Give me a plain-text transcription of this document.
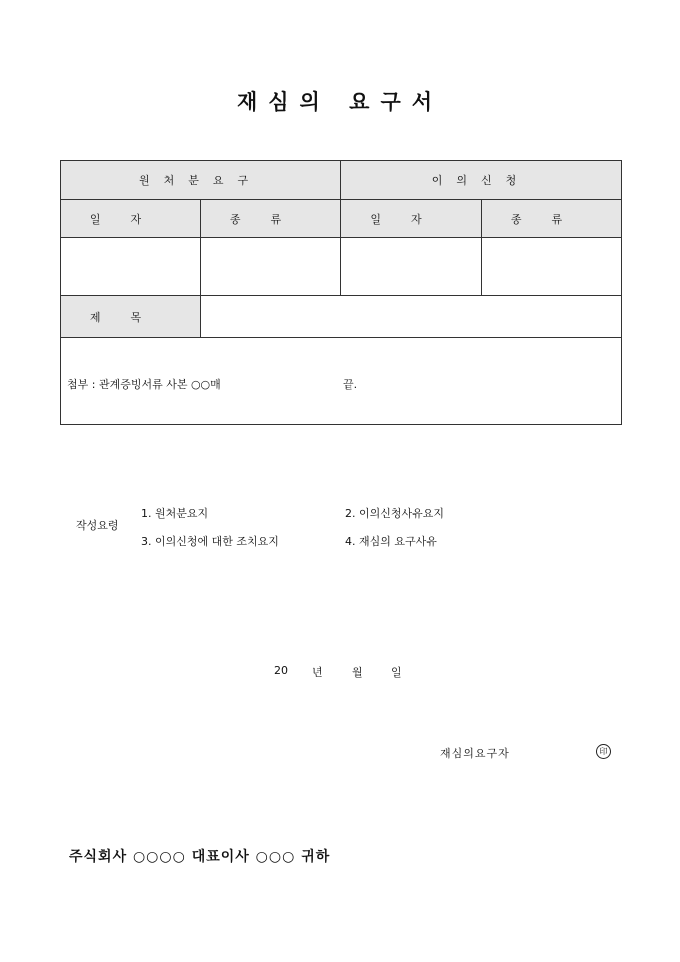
재심의 요구서
원처분요구		이의신청	
일자	종류	일자	종류

제목			

첨부 : 관계증빙서류 사본 ○○매 끝.			
작성요령
1. 원처분요지	2. 이의신청사유요지
3. 이의신청에 대한 조치요지	4. 재심의 요구사유
20 년	월	일
재심의요구자	印
주식회사 ○○○○ 대표이사 ○○○ 귀하
